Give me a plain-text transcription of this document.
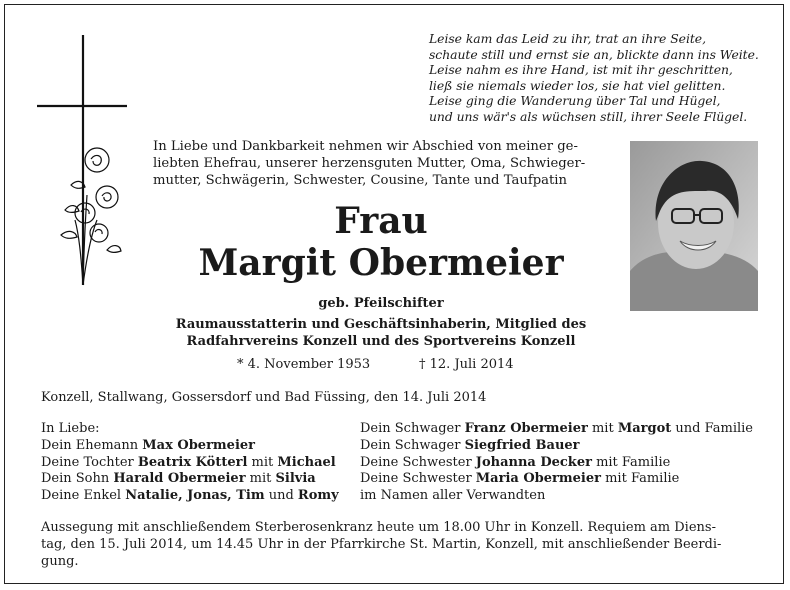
Leise kam das Leid zu ihr, trat an ihre Seite,
schaute still und ernst sie an, blickte dann ins Weite.
Leise nahm es ihre Hand, ist mit ihr geschritten,
ließ sie niemals wieder los, sie hat viel gelitten.
Leise ging die Wanderung über Tal und Hügel,
und uns wär's als wüchsen still, ihrer Seele Flügel.
In Liebe und Dankbarkeit nehmen wir Abschied von meiner ge-
liebten Ehefrau, unserer herzensguten Mutter, Oma, Schwieger-
mutter, Schwägerin, Schwester, Cousine, Tante und Taufpatin
Frau
Margit Obermeier
geb. Pfeilschifter
Raumausstatterin und Geschäftsinhaberin, Mitglied des
Radfahrvereins Konzell und des Sportvereins Konzell
* 4. November 1953	† 12. Juli 2014
Konzell, Stallwang, Gossersdorf und Bad Füssing, den 14. Juli 2014
In Liebe:
Dein Ehemann Max Obermeier
Deine Tochter Beatrix Kötterl mit Michael
Dein Sohn Harald Obermeier mit Silvia
Deine Enkel Natalie, Jonas, Tim und Romy
Dein Schwager Franz Obermeier mit Margot und Familie
Dein Schwager Siegfried Bauer
Deine Schwester Johanna Decker mit Familie
Deine Schwester Maria Obermeier mit Familie
im Namen aller Verwandten
Aussegung mit anschließendem Sterberosenkranz heute um 18.00 Uhr in Konzell. Requiem am Diens-
tag, den 15. Juli 2014, um 14.45 Uhr in der Pfarrkirche St. Martin, Konzell, mit anschließender Beerdi-
gung.
